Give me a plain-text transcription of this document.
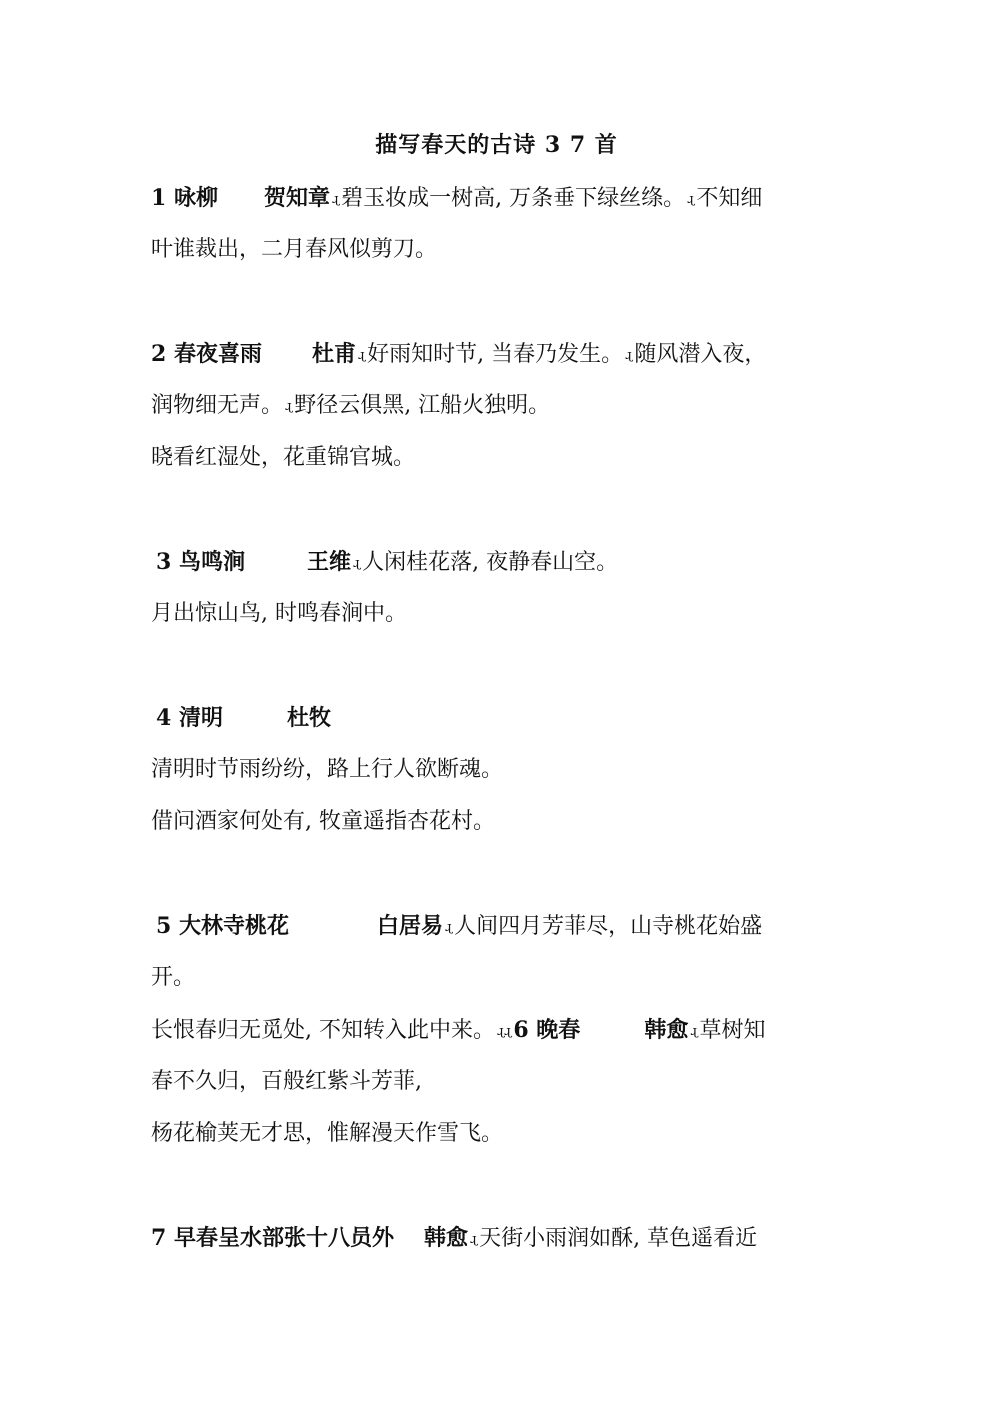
描写春天的古诗 3 7 首
1 咏柳 贺知章 ɻ碧玉妆成一树高, 万条垂下绿丝绦。 ɻ不知细
叶谁裁出，二月春风似剪刀。
2 春夜喜雨 杜甫 ɻ好雨知时节, 当春乃发生。 ɻ随风潜入夜，
润物细无声。 ɻ野径云俱黑, 江船火独明。
晓看红湿处，花重锦官城。
3 鸟鸣涧	王维 ɻ人闲桂花落, 夜静春山空。
月出惊山鸟, 时鸣春涧中。
4 清明	杜牧
清明时节雨纷纷，路上行人欲断魂。
借问酒家何处有, 牧童遥指杏花村。
5 大林寺桃花	白居易 ɻ人间四月芳菲尽，山寺桃花始盛
开。
长恨春归无觅处, 不知转入此中来。 ɻɻ6 晚春	韩愈 ɻ草树知
春不久归，百般红紫斗芳菲,
杨花榆荚无才思，惟解漫天作雪飞。
7 早春呈水部张十八员外 韩愈 ɻ天街小雨润如酥, 草色遥看近
